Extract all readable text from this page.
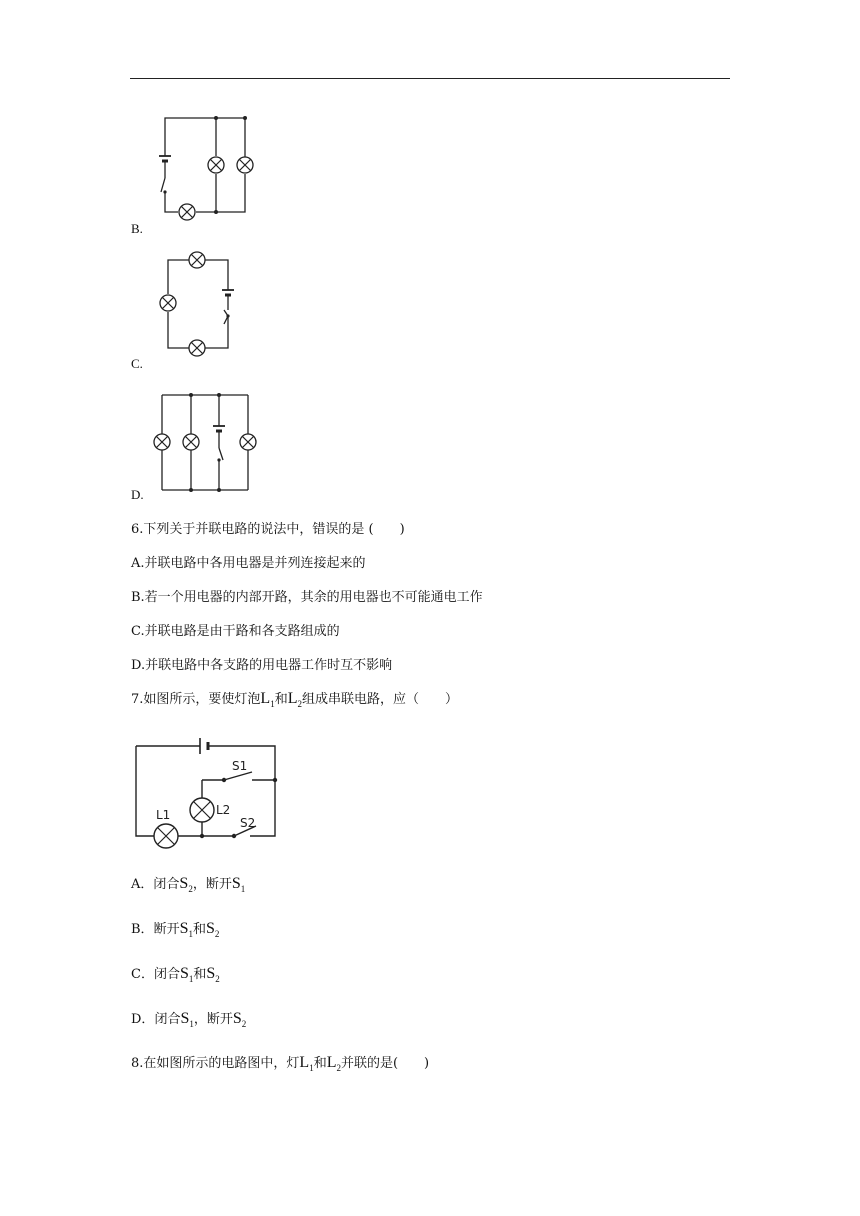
B.
C.
D.
6.下列关于并联电路的说法中，错误的是 (　　)
A.并联电路中各用电器是并列连接起来的
B.若一个用电器的内部开路，其余的用电器也不可能通电工作
C.并联电路是由干路和各支路组成的
D.并联电路中各支路的用电器工作时互不影响
7.如图所示，要使灯泡$L_1$和$L_2$组成串联电路，应（　　）
S1
L2
S2
L1
A．闭合$S_2$，断开$S_1$
B．断开$S_1$和$S_2$
C．闭合$S_1$和$S_2$
D．闭合$S_1$，断开$S_2$
8.在如图所示的电路图中，灯$L_1$和$L_2$并联的是(　　)
